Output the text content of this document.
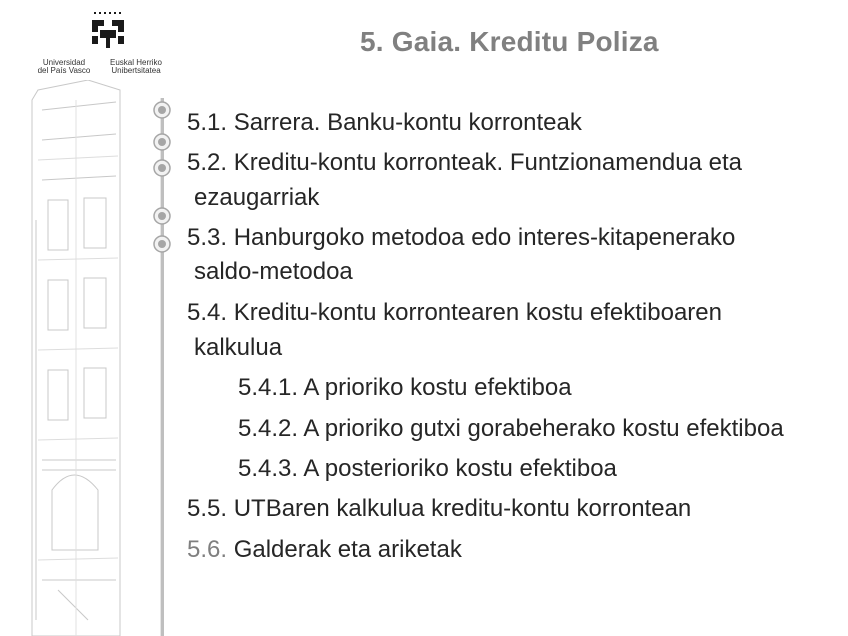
Universidad
del País Vasco
Euskal Herriko
Unibertsitatea
5. Gaia. Kreditu Poliza
5.1. Sarrera. Banku-kontu korronteak
5.2. Kreditu-kontu korronteak. Funtzionamendua eta
ezaugarriak
5.3. Hanburgoko metodoa edo interes-kitapenerako
saldo-metodoa
5.4. Kreditu-kontu korrontearen kostu efektiboaren
kalkulua
5.4.1. A prioriko kostu efektiboa
5.4.2. A prioriko gutxi gorabeherako kostu efektiboa
5.4.3. A posterioriko kostu efektiboa
5.5. UTBaren kalkulua kreditu-kontu korrontean
5.6. Galderak eta ariketak
